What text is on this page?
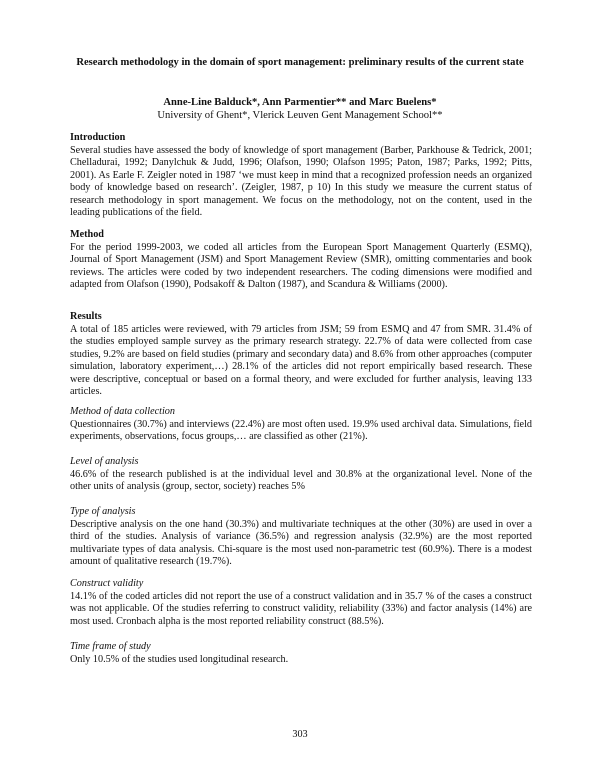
Research methodology in the domain of sport management: preliminary results of the current state
Anne-Line Balduck*, Ann Parmentier** and Marc Buelens*
University of Ghent*, Vlerick Leuven Gent Management School**

Introduction

Several studies have assessed the body of knowledge of sport management (Barber, Parkhouse & Tedrick, 2001; Chelladurai, 1992; Danylchuk & Judd, 1996; Olafson, 1990; Olafson 1995; Paton, 1987; Parks, 1992; Pitts, 2001). As Earle F. Zeigler noted in 1987 ‘we must keep in mind that a recognized profession needs an organized body of knowledge based on research’. (Zeigler, 1987, p 10) In this study we measure the current status of research methodology in sport management. We focus on the methodology, not on the content, used in the leading publications of the field.

Method

For the period 1999-2003, we coded all articles from the European Sport Management Quarterly (ESMQ), Journal of Sport Management (JSM) and Sport Management Review (SMR), omitting commentaries and book reviews. The articles were coded by two independent researchers. The coding dimensions were modified and adapted from Olafson (1990), Podsakoff & Dalton (1987), and Scandura & Williams (2000).

Results

A total of 185 articles were reviewed, with 79 articles from JSM; 59 from ESMQ and 47 from SMR. 31.4% of the studies employed sample survey as the primary research strategy. 22.7% of data were collected from case studies, 9.2% are based on field studies (primary and secondary data) and 8.6% from other approaches (computer simulation, laboratory experiment,…) 28.1% of the articles did not report empirically based research. These were descriptive, conceptual or based on a formal theory, and were excluded for further analysis, leaving 133 articles.

Method of data collection

Questionnaires (30.7%) and interviews (22.4%) are most often used. 19.9% used archival data. Simulations, field experiments, observations, focus groups,… are classified as other (21%).

Level of analysis

46.6% of the research published is at the individual level and 30.8% at the organizational level. None of the other units of analysis (group, sector, society) reaches 5%

Type of analysis

Descriptive analysis on the one hand (30.3%) and multivariate techniques at the other (30%) are used in over a third of the studies. Analysis of variance (36.5%) and regression analysis (32.9%) are the most reported multivariate types of data analysis. Chi-square is the most used non-parametric test (60.9%). There is a modest amount of qualitative research (19.7%).

Construct validity

14.1% of the coded articles did not report the use of a construct validation and in 35.7 % of the cases a construct was not applicable. Of the studies referring to construct validity, reliability (33%) and factor analysis (14%) are most used. Cronbach alpha is the most reported reliability construct (88.5%).

Time frame of study

Only 10.5% of the studies used longitudinal research.

303
